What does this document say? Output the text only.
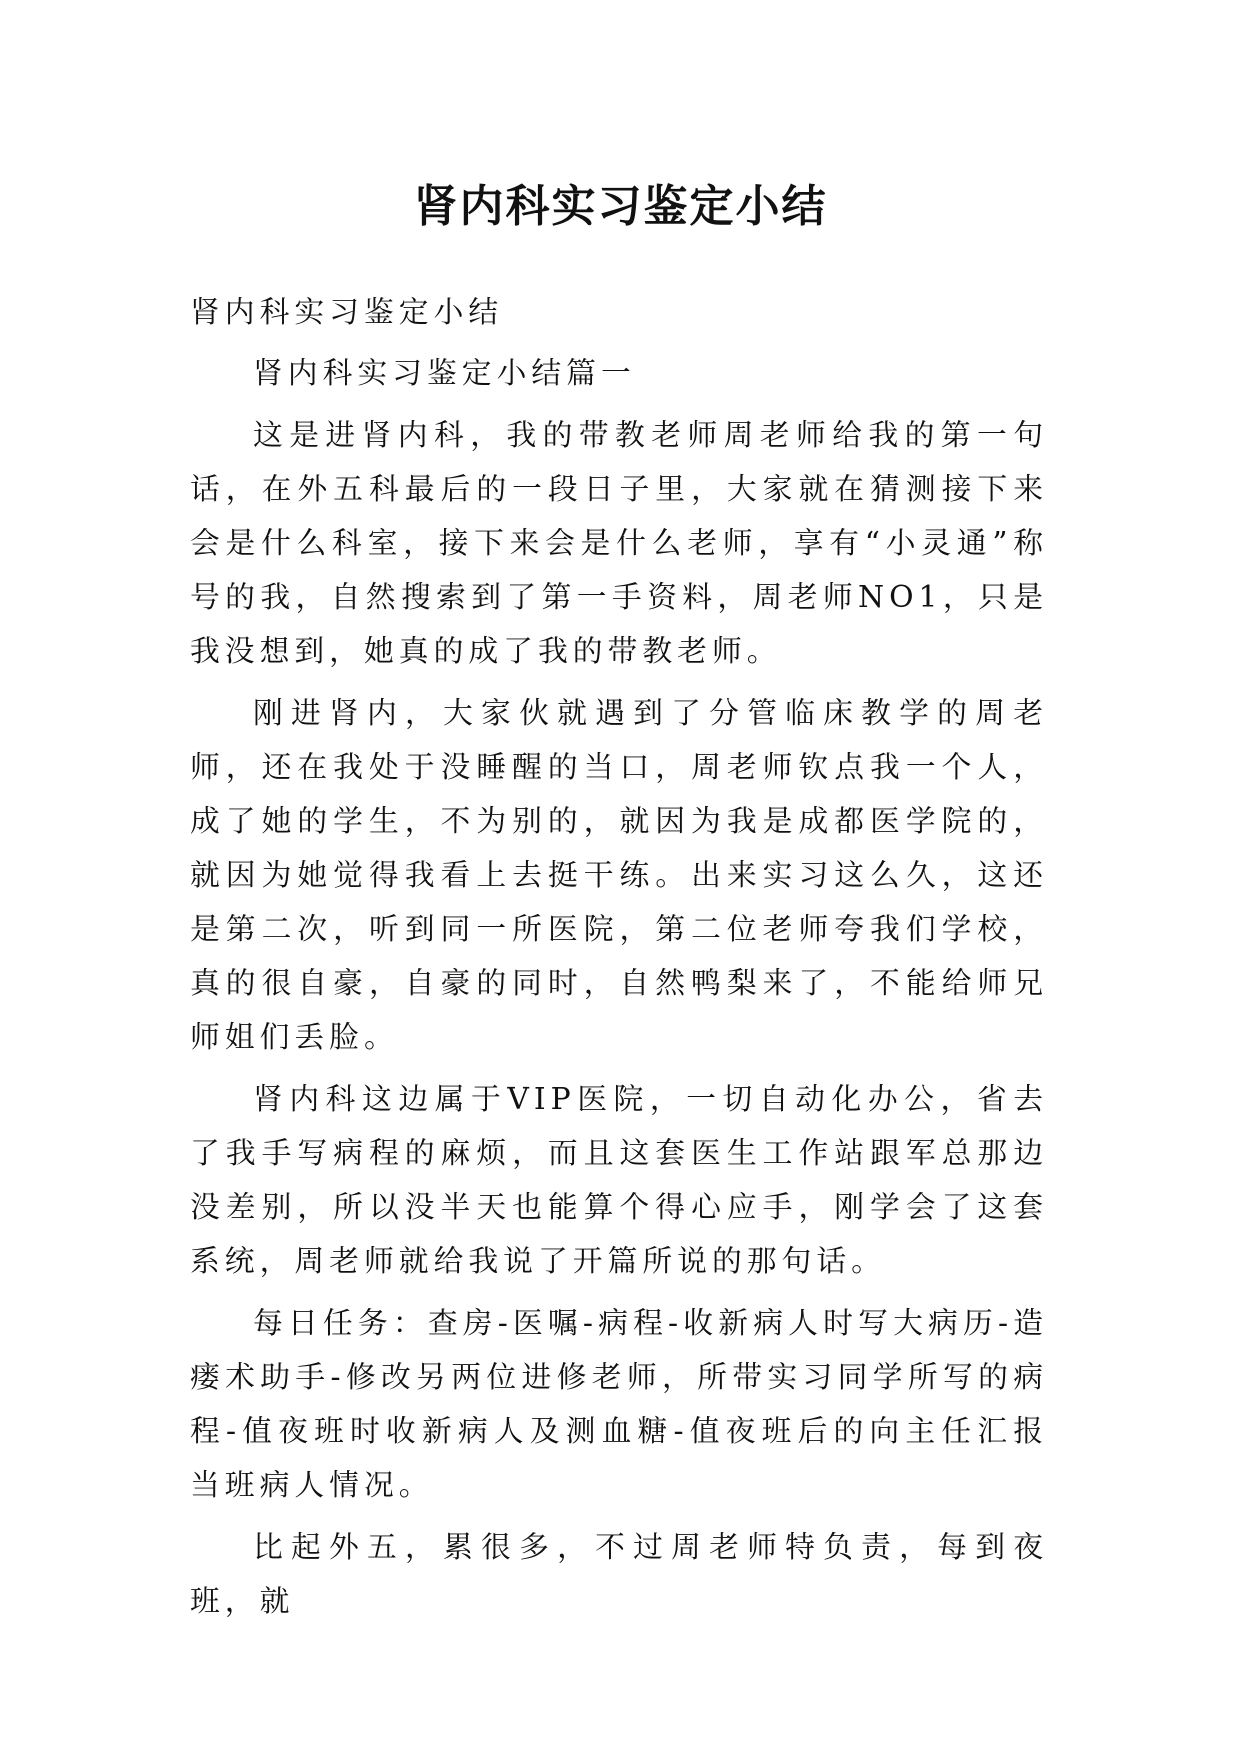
肾内科实习鉴定小结

肾内科实习鉴定小结

肾内科实习鉴定小结篇一

这是进肾内科，我的带教老师周老师给我的第一句话，在外五科最后的一段日子里，大家就在猜测接下来会是什么科室，接下来会是什么老师，享有“小灵通”称号的我，自然搜索到了第一手资料，周老师NO1，只是我没想到，她真的成了我的带教老师。

刚进肾内，大家伙就遇到了分管临床教学的周老师，还在我处于没睡醒的当口，周老师钦点我一个人，成了她的学生，不为别的，就因为我是成都医学院的，就因为她觉得我看上去挺干练。出来实习这么久，这还是第二次，听到同一所医院，第二位老师夸我们学校，真的很自豪，自豪的同时，自然鸭梨来了，不能给师兄师姐们丢脸。

肾内科这边属于VIP医院，一切自动化办公，省去了我手写病程的麻烦，而且这套医生工作站跟军总那边没差别，所以没半天也能算个得心应手，刚学会了这套系统，周老师就给我说了开篇所说的那句话。

每日任务：查房-医嘱-病程-收新病人时写大病历-造瘘术助手-修改另两位进修老师，所带实习同学所写的病程-值夜班时收新病人及测血糖-值夜班后的向主任汇报当班病人情况。

比起外五，累很多，不过周老师特负责，每到夜班，就
